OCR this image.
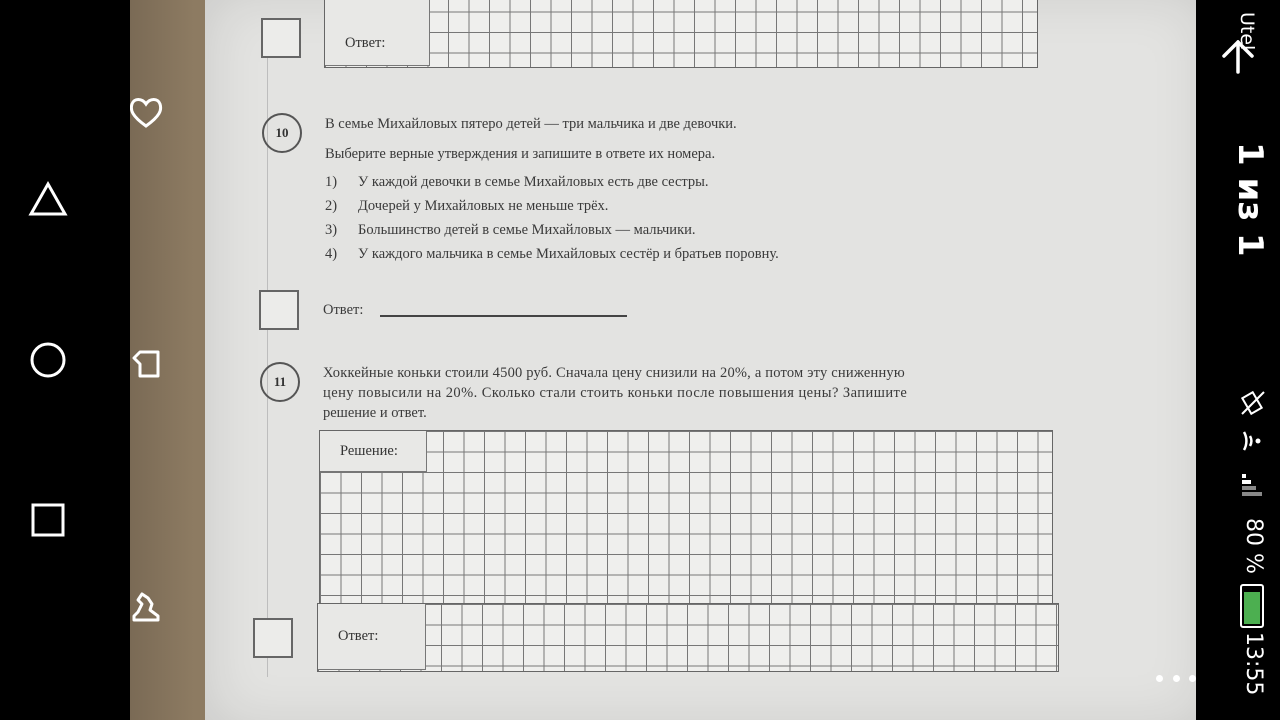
Ответ:
10
В семье Михайловых пятеро детей — три мальчика и две девочки.
Выберите верные утверждения и запишите в ответе их номера.
1) У каждой девочки в семье Михайловых есть две сестры.
2) Дочерей у Михайловых не меньше трёх.
3) Большинство детей в семье Михайловых — мальчики.
4) У каждого мальчика в семье Михайловых сестёр и братьев поровну.
Ответ:
11
Хоккейные коньки стоили 4500 руб. Сначала цену снизили на 20%, а потом эту сниженную
цену повысили на 20%. Сколько стали стоить коньки после повышения цены? Запишите
решение и ответ.
Решение:
Ответ:
Utel
1 из 1
80 %
13:55
